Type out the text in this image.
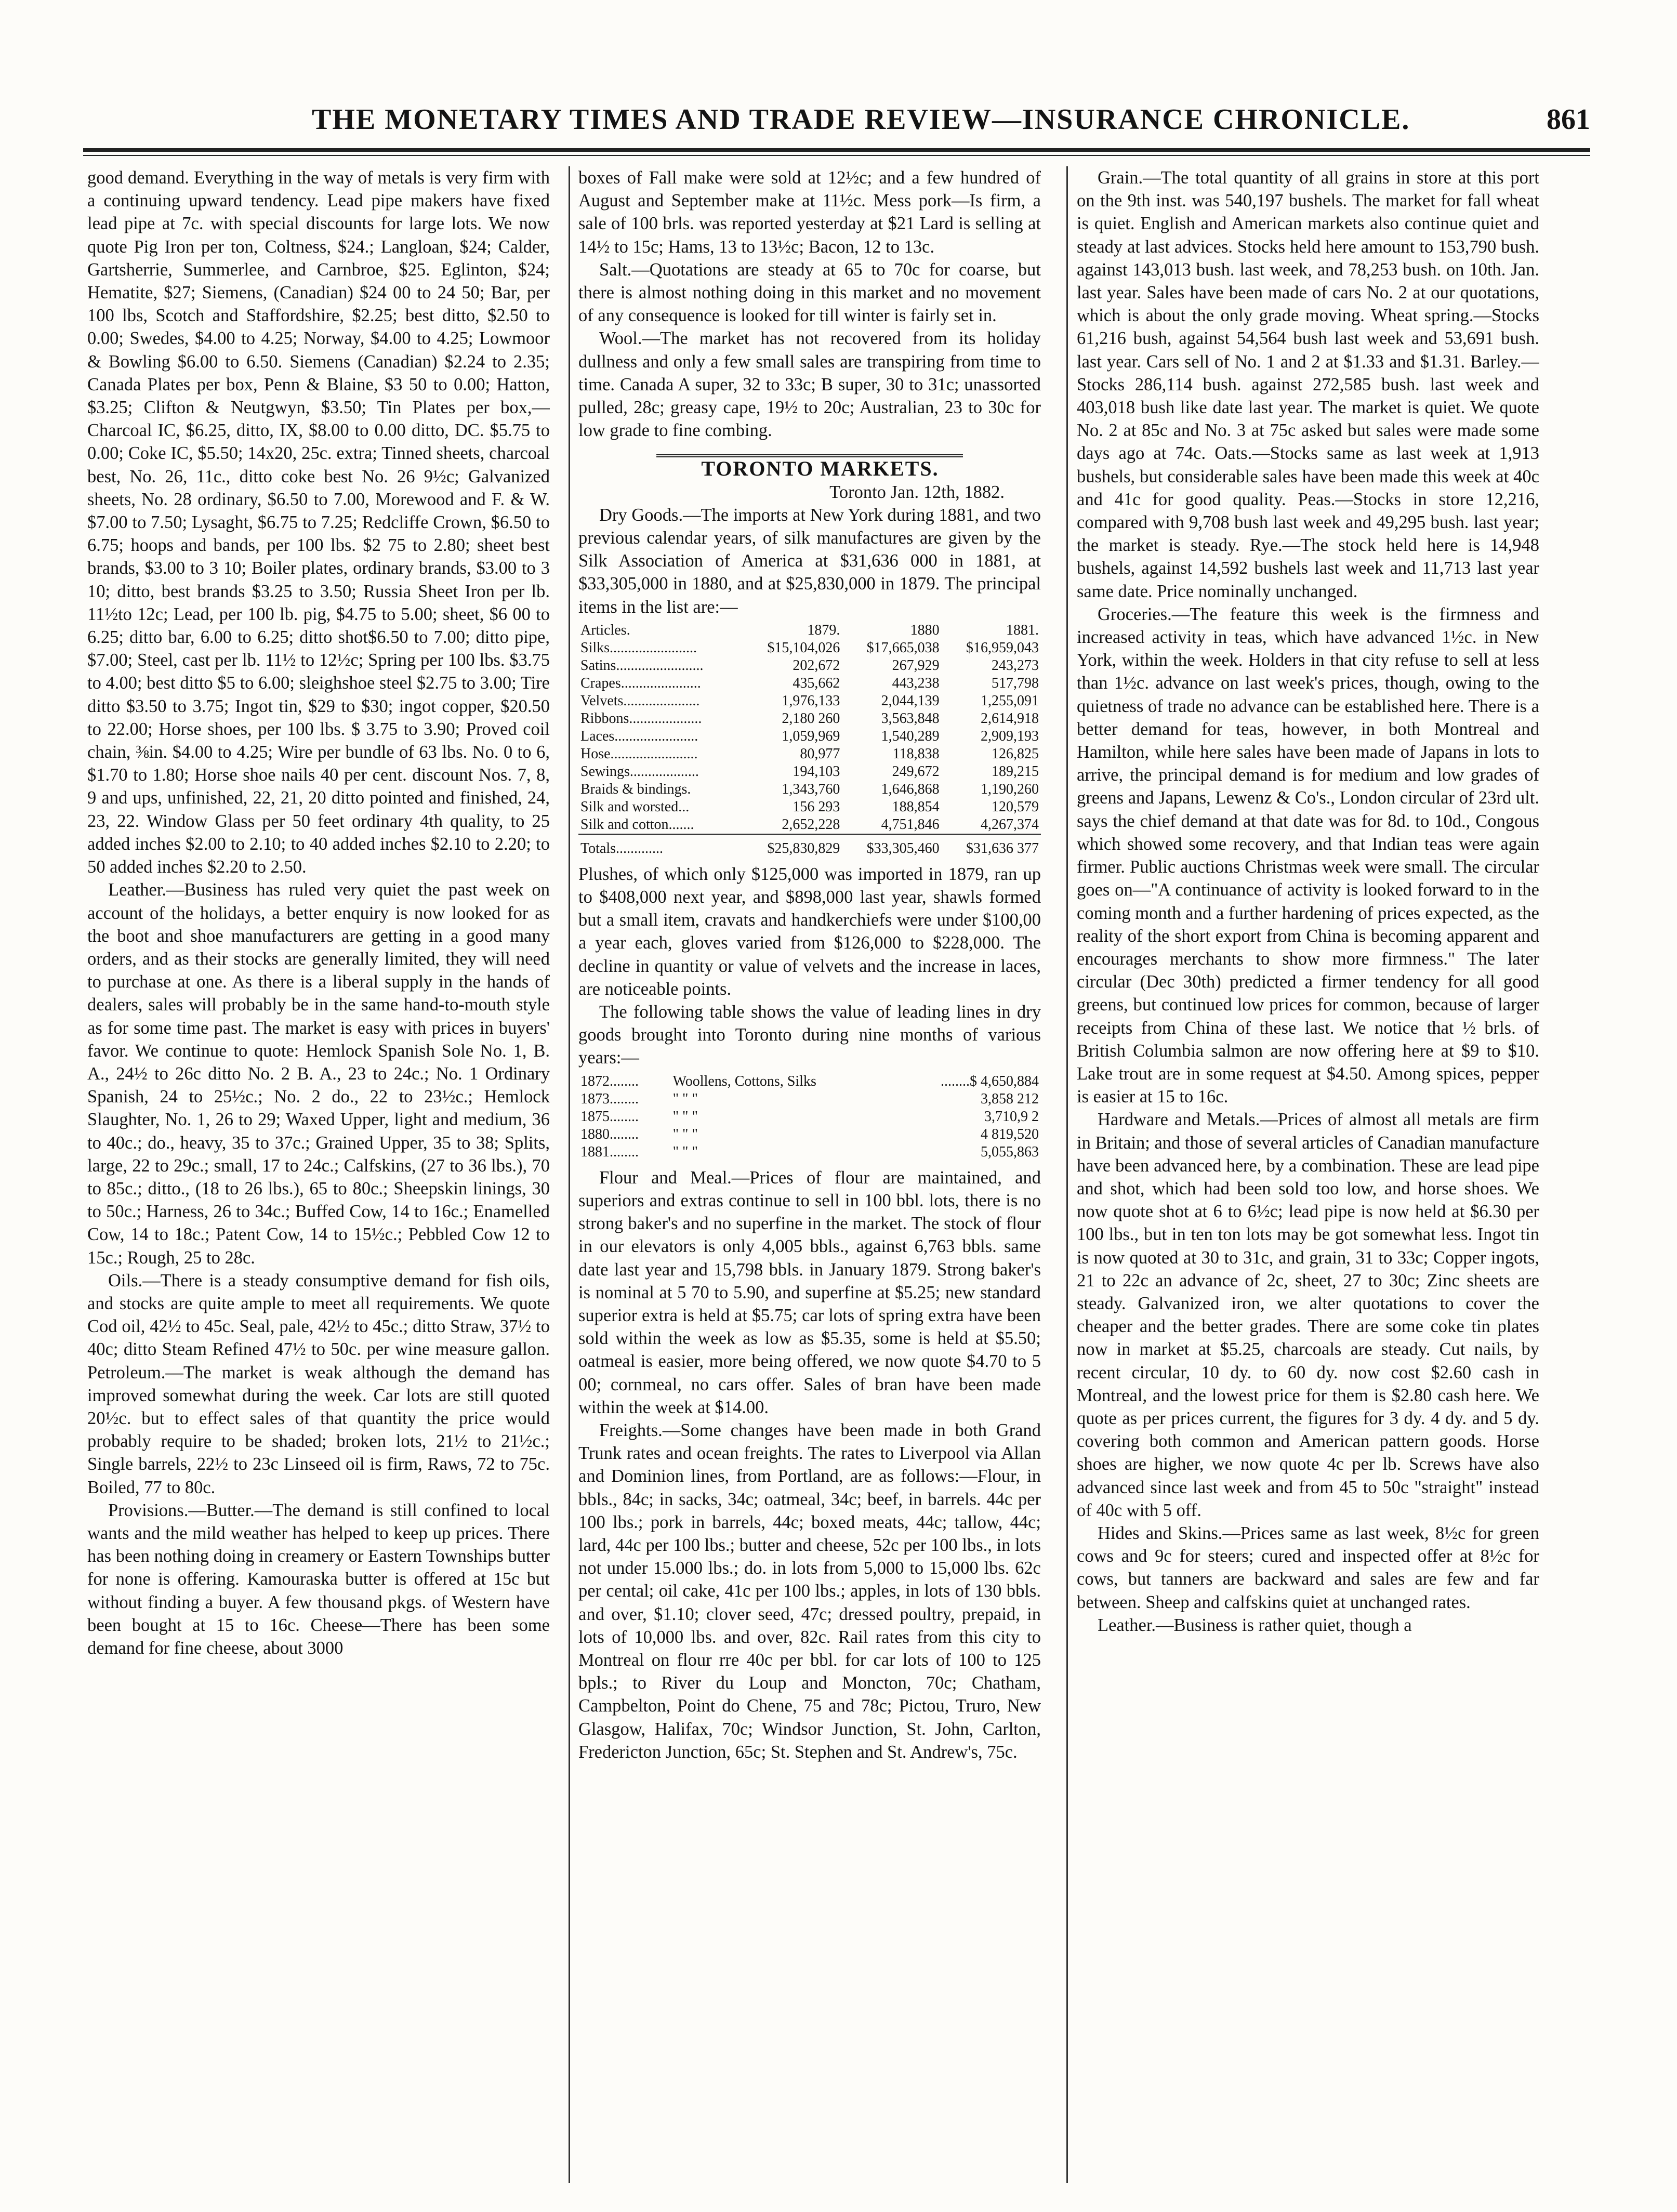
THE MONETARY TIMES AND TRADE REVIEW—INSURANCE CHRONICLE.	861

good demand. Everything in the way of metals is very firm with a continuing upward tendency. Lead pipe makers have fixed lead pipe at 7c. with special discounts for large lots. We now quote Pig Iron per ton, Coltness, $24.; Langloan, $24; Calder, Gartsherrie, Summerlee, and Carnbroe, $25. Eglinton, $24; Hematite, $27; Siemens, (Canadian) $24 00 to 24 50; Bar, per 100 lbs, Scotch and Staffordshire, $2.25; best ditto, $2.50 to 0.00; Swedes, $4.00 to 4.25; Norway, $4.00 to 4.25; Lowmoor & Bowling $6.00 to 6.50. Siemens (Canadian) $2.24 to 2.35; Canada Plates per box, Penn & Blaine, $3 50 to 0.00; Hatton, $3.25; Clifton & Neutgwyn, $3.50; Tin Plates per box,—Charcoal IC, $6.25, ditto, IX, $8.00 to 0.00 ditto, DC. $5.75 to 0.00; Coke IC, $5.50; 14x20, 25c. extra; Tinned sheets, charcoal best, No. 26, 11c., ditto coke best No. 26 9½c; Galvanized sheets, No. 28 ordinary, $6.50 to 7.00, Morewood and F. & W. $7.00 to 7.50; Lysaght, $6.75 to 7.25; Redcliffe Crown, $6.50 to 6.75; hoops and bands, per 100 lbs. $2 75 to 2.80; sheet best brands, $3.00 to 3 10; Boiler plates, ordinary brands, $3.00 to 3 10; ditto, best brands $3.25 to 3.50; Russia Sheet Iron per lb. 11½to 12c; Lead, per 100 lb. pig, $4.75 to 5.00; sheet, $6 00 to 6.25; ditto bar, 6.00 to 6.25; ditto shot$6.50 to 7.00; ditto pipe, $7.00; Steel, cast per lb. 11½ to 12½c; Spring per 100 lbs. $3.75 to 4.00; best ditto $5 to 6.00; sleighshoe steel $2.75 to 3.00; Tire ditto $3.50 to 3.75; Ingot tin, $29 to $30; ingot copper, $20.50 to 22.00; Horse shoes, per 100 lbs. $ 3.75 to 3.90; Proved coil chain, ⅜in. $4.00 to 4.25; Wire per bundle of 63 lbs. No. 0 to 6, $1.70 to 1.80; Horse shoe nails 40 per cent. discount Nos. 7, 8, 9 and ups, unfinished, 22, 21, 20 ditto pointed and finished, 24, 23, 22. Window Glass per 50 feet ordinary 4th quality, to 25 added inches $2.00 to 2.10; to 40 added inches $2.10 to 2.20; to 50 added inches $2.20 to 2.50.

Leather.—Business has ruled very quiet the past week on account of the holidays, a better enquiry is now looked for as the boot and shoe manufacturers are getting in a good many orders, and as their stocks are generally limited, they will need to purchase at one. As there is a liberal supply in the hands of dealers, sales will probably be in the same hand-to-mouth style as for some time past. The market is easy with prices in buyers' favor. We continue to quote: Hemlock Spanish Sole No. 1, B. A., 24½ to 26c ditto No. 2 B. A., 23 to 24c.; No. 1 Ordinary Spanish, 24 to 25½c.; No. 2 do., 22 to 23½c.; Hemlock Slaughter, No. 1, 26 to 29; Waxed Upper, light and medium, 36 to 40c.; do., heavy, 35 to 37c.; Grained Upper, 35 to 38; Splits, large, 22 to 29c.; small, 17 to 24c.; Calfskins, (27 to 36 lbs.), 70 to 85c.; ditto., (18 to 26 lbs.), 65 to 80c.; Sheepskin linings, 30 to 50c.; Harness, 26 to 34c.; Buffed Cow, 14 to 16c.; Enamelled Cow, 14 to 18c.; Patent Cow, 14 to 15½c.; Pebbled Cow 12 to 15c.; Rough, 25 to 28c.

Oils.—There is a steady consumptive demand for fish oils, and stocks are quite ample to meet all requirements. We quote Cod oil, 42½ to 45c. Seal, pale, 42½ to 45c.; ditto Straw, 37½ to 40c; ditto Steam Refined 47½ to 50c. per wine measure gallon. Petroleum.—The market is weak although the demand has improved somewhat during the week. Car lots are still quoted 20½c. but to effect sales of that quantity the price would probably require to be shaded; broken lots, 21½ to 21½c.; Single barrels, 22½ to 23c Linseed oil is firm, Raws, 72 to 75c. Boiled, 77 to 80c.

Provisions.—Butter.—The demand is still confined to local wants and the mild weather has helped to keep up prices. There has been nothing doing in creamery or Eastern Townships butter for none is offering. Kamouraska butter is offered at 15c but without finding a buyer. A few thousand pkgs. of Western have been bought at 15 to 16c. Cheese—There has been some demand for fine cheese, about 3000

boxes of Fall make were sold at 12½c; and a few hundred of August and September make at 11½c. Mess pork—Is firm, a sale of 100 brls. was reported yesterday at $21 Lard is selling at 14½ to 15c; Hams, 13 to 13½c; Bacon, 12 to 13c.

Salt.—Quotations are steady at 65 to 70c for coarse, but there is almost nothing doing in this market and no movement of any consequence is looked for till winter is fairly set in.

Wool.—The market has not recovered from its holiday dullness and only a few small sales are transpiring from time to time. Canada A super, 32 to 33c; B super, 30 to 31c; unassorted pulled, 28c; greasy cape, 19½ to 20c; Australian, 23 to 30c for low grade to fine combing.

TORONTO MARKETS.

Toronto Jan. 12th, 1882.

Dry Goods.—The imports at New York during 1881, and two previous calendar years, of silk manufactures are given by the Silk Association of America at $31,636 000 in 1881, at $33,305,000 in 1880, and at $25,830,000 in 1879. The principal items in the list are:—

Articles.	1879.	1880	1881.
Silks........................	$15,104,026	$17,665,038	$16,959,043
Satins........................	202,672	267,929	243,273
Crapes......................	435,662	443,238	517,798
Velvets.....................	1,976,133	2,044,139	1,255,091
Ribbons....................	2,180 260	3,563,848	2,614,918
Laces.......................	1,059,969	1,540,289	2,909,193
Hose........................	80,977	118,838	126,825
Sewings...................	194,103	249,672	189,215
Braids & bindings.	1,343,760	1,646,868	1,190,260
Silk and worsted...	156 293	188,854	120,579
Silk and cotton.......	2,652,228	4,751,846	4,267,374
Totals.............	$25,830,829	$33,305,460	$31,636 377

Plushes, of which only $125,000 was imported in 1879, ran up to $408,000 next year, and $898,000 last year, shawls formed but a small item, cravats and handkerchiefs were under $100,00 a year each, gloves varied from $126,000 to $228,000. The decline in quantity or value of velvets and the increase in laces, are noticeable points.

The following table shows the value of leading lines in dry goods brought into Toronto during nine months of various years:—

1872........	Woollens, Cottons, Silks	........$ 4,650,884
1873........	" " "	3,858 212
1875........	" " "	3,710,9 2
1880........	" " "	4 819,520
1881........	" " "	5,055,863

Flour and Meal.—Prices of flour are maintained, and superiors and extras continue to sell in 100 bbl. lots, there is no strong baker's and no superfine in the market. The stock of flour in our elevators is only 4,005 bbls., against 6,763 bbls. same date last year and 15,798 bbls. in January 1879. Strong baker's is nominal at 5 70 to 5.90, and superfine at $5.25; new standard superior extra is held at $5.75; car lots of spring extra have been sold within the week as low as $5.35, some is held at $5.50; oatmeal is easier, more being offered, we now quote $4.70 to 5 00; cornmeal, no cars offer. Sales of bran have been made within the week at $14.00.

Freights.—Some changes have been made in both Grand Trunk rates and ocean freights. The rates to Liverpool via Allan and Dominion lines, from Portland, are as follows:—Flour, in bbls., 84c; in sacks, 34c; oatmeal, 34c; beef, in barrels. 44c per 100 lbs.; pork in barrels, 44c; boxed meats, 44c; tallow, 44c; lard, 44c per 100 lbs.; butter and cheese, 52c per 100 lbs., in lots not under 15.000 lbs.; do. in lots from 5,000 to 15,000 lbs. 62c per cental; oil cake, 41c per 100 lbs.; apples, in lots of 130 bbls. and over, $1.10; clover seed, 47c; dressed poultry, prepaid, in lots of 10,000 lbs. and over, 82c. Rail rates from this city to Montreal on flour rre 40c per bbl. for car lots of 100 to 125 bpls.; to River du Loup and Moncton, 70c; Chatham, Campbelton, Point do Chene, 75 and 78c; Pictou, Truro, New Glasgow, Halifax, 70c; Windsor Junction, St. John, Carlton, Fredericton Junction, 65c; St. Stephen and St. Andrew's, 75c.

Grain.—The total quantity of all grains in store at this port on the 9th inst. was 540,197 bushels. The market for fall wheat is quiet. English and American markets also continue quiet and steady at last advices. Stocks held here amount to 153,790 bush. against 143,013 bush. last week, and 78,253 bush. on 10th. Jan. last year. Sales have been made of cars No. 2 at our quotations, which is about the only grade moving. Wheat spring.—Stocks 61,216 bush, against 54,564 bush last week and 53,691 bush. last year. Cars sell of No. 1 and 2 at $1.33 and $1.31. Barley.—Stocks 286,114 bush. against 272,585 bush. last week and 403,018 bush like date last year. The market is quiet. We quote No. 2 at 85c and No. 3 at 75c asked but sales were made some days ago at 74c. Oats.—Stocks same as last week at 1,913 bushels, but considerable sales have been made this week at 40c and 41c for good quality. Peas.—Stocks in store 12,216, compared with 9,708 bush last week and 49,295 bush. last year; the market is steady. Rye.—The stock held here is 14,948 bushels, against 14,592 bushels last week and 11,713 last year same date. Price nominally unchanged.

Groceries.—The feature this week is the firmness and increased activity in teas, which have advanced 1½c. in New York, within the week. Holders in that city refuse to sell at less than 1½c. advance on last week's prices, though, owing to the quietness of trade no advance can be established here. There is a better demand for teas, however, in both Montreal and Hamilton, while here sales have been made of Japans in lots to arrive, the principal demand is for medium and low grades of greens and Japans, Lewenz & Co's., London circular of 23rd ult. says the chief demand at that date was for 8d. to 10d., Congous which showed some recovery, and that Indian teas were again firmer. Public auctions Christmas week were small. The circular goes on—"A continuance of activity is looked forward to in the coming month and a further hardening of prices expected, as the reality of the short export from China is becoming apparent and encourages merchants to show more firmness." The later circular (Dec 30th) predicted a firmer tendency for all good greens, but continued low prices for common, because of larger receipts from China of these last. We notice that ½ brls. of British Columbia salmon are now offering here at $9 to $10. Lake trout are in some request at $4.50. Among spices, pepper is easier at 15 to 16c.

Hardware and Metals.—Prices of almost all metals are firm in Britain; and those of several articles of Canadian manufacture have been advanced here, by a combination. These are lead pipe and shot, which had been sold too low, and horse shoes. We now quote shot at 6 to 6½c; lead pipe is now held at $6.30 per 100 lbs., but in ten ton lots may be got somewhat less. Ingot tin is now quoted at 30 to 31c, and grain, 31 to 33c; Copper ingots, 21 to 22c an advance of 2c, sheet, 27 to 30c; Zinc sheets are steady. Galvanized iron, we alter quotations to cover the cheaper and the better grades. There are some coke tin plates now in market at $5.25, charcoals are steady. Cut nails, by recent circular, 10 dy. to 60 dy. now cost $2.60 cash in Montreal, and the lowest price for them is $2.80 cash here. We quote as per prices current, the figures for 3 dy. 4 dy. and 5 dy. covering both common and American pattern goods. Horse shoes are higher, we now quote 4c per lb. Screws have also advanced since last week and from 45 to 50c "straight" instead of 40c with 5 off.

Hides and Skins.—Prices same as last week, 8½c for green cows and 9c for steers; cured and inspected offer at 8½c for cows, but tanners are backward and sales are few and far between. Sheep and calfskins quiet at unchanged rates.

Leather.—Business is rather quiet, though a
